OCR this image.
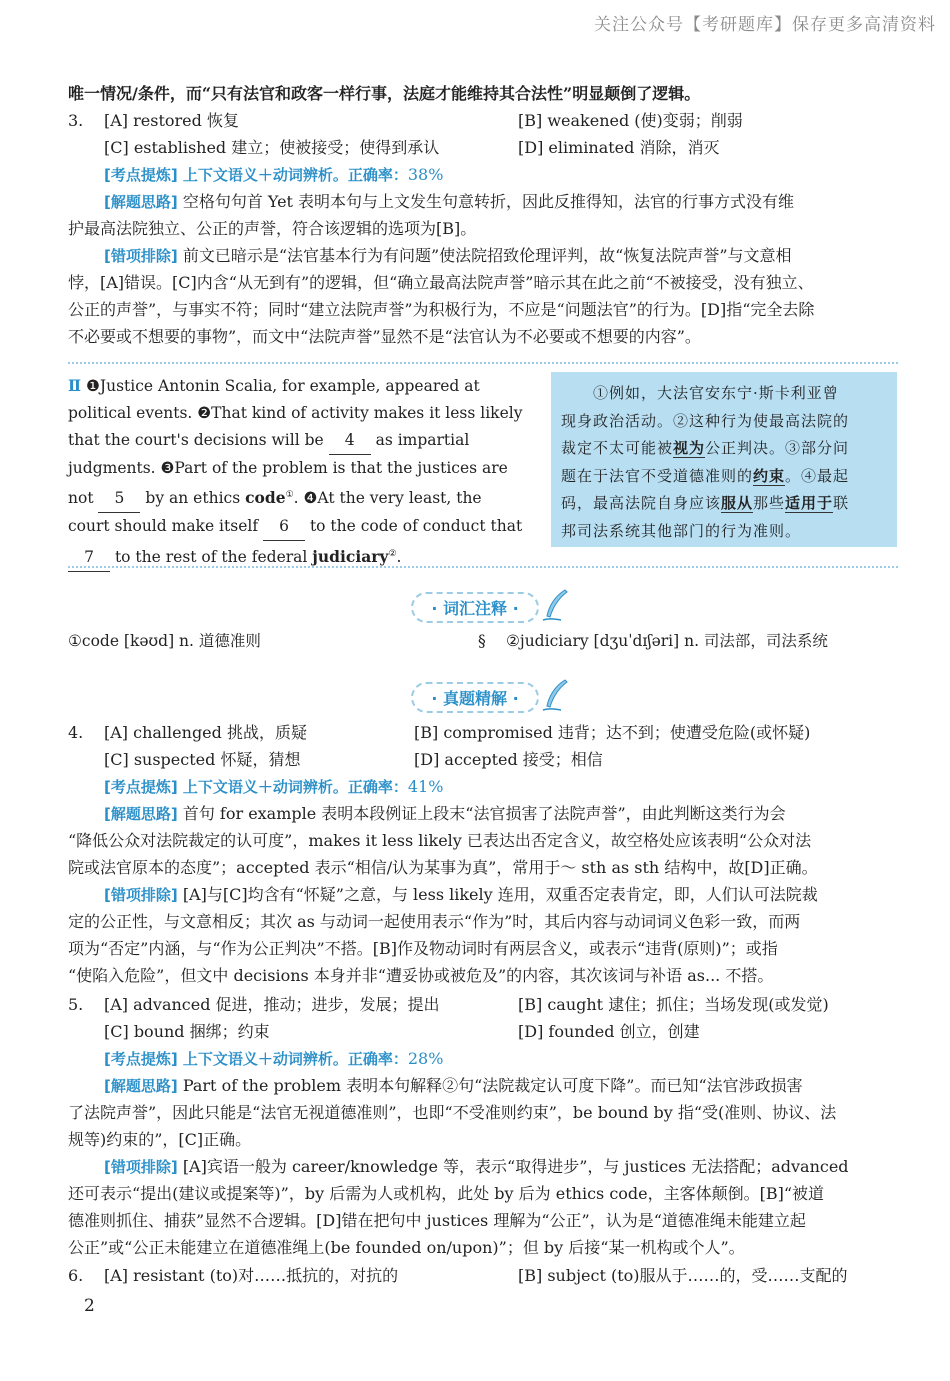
关注公众号【考研题库】保存更多高清资料
唯一情况/条件，而“只有法官和政客一样行事，法庭才能维持其合法性”明显颠倒了逻辑。
3. [A] restored 恢复	[B] weakened (使)变弱；削弱
[C] established 建立；使被接受；使得到承认	[D] eliminated 消除，消灭
[考点提炼] 上下文语义＋动词辨析。正确率：38%
[解题思路] 空格句句首 Yet 表明本句与上文发生句意转折，因此反推得知，法官的行事方式没有维
护最高法院独立、公正的声誉，符合该逻辑的选项为[B]。
[错项排除] 前文已暗示是“法官基本行为有问题”使法院招致伦理评判，故“恢复法院声誉”与文意相
悖，[A]错误。[C]内含“从无到有”的逻辑，但“确立最高法院声誉”暗示其在此之前“不被接受，没有独立、
公正的声誉”，与事实不符；同时“建立法院声誉”为积极行为，不应是“问题法官”的行为。[D]指“完全去除
不必要或不想要的事物”，而文中“法院声誉”显然不是“法官认为不必要或不想要的内容”。
Ⅱ ❶Justice Antonin Scalia, for example, appeared at
political events. ❷That kind of activity makes it less likely
that the court's decisions will be 4 as impartial
judgments. ❸Part of the problem is that the justices are
not 5 by an ethics code①. ❹At the very least, the
court should make itself 6 to the code of conduct that
7 to the rest of the federal judiciary②.
①例如，大法官安东宁·斯卡利亚曾
现身政治活动。②这种行为使最高法院的
裁定不太可能被视为公正判决。③部分问
题在于法官不受道德准则的约束。④最起
码，最高法院自身应该服从那些适用于联
邦司法系统其他部门的行为准则。
· 词汇注释 ·
①code [kəʊd] n. 道德准则	§ ②judiciary [dʒuˈdɪʃəri] n. 司法部，司法系统
· 真题精解 ·
4. [A] challenged 挑战，质疑	[B] compromised 违背；达不到；使遭受危险(或怀疑)
[C] suspected 怀疑，猜想	[D] accepted 接受；相信
[考点提炼] 上下文语义＋动词辨析。正确率：41%
[解题思路] 首句 for example 表明本段例证上段末“法官损害了法院声誉”，由此判断这类行为会
“降低公众对法院裁定的认可度”，makes it less likely 已表达出否定含义，故空格处应该表明“公众对法
院或法官原本的态度”；accepted 表示“相信/认为某事为真”，常用于～ sth as sth 结构中，故[D]正确。
[错项排除] [A]与[C]均含有“怀疑”之意，与 less likely 连用，双重否定表肯定，即，人们认可法院裁
定的公正性，与文意相反；其次 as 与动词一起使用表示“作为”时，其后内容与动词词义色彩一致，而两
项为“否定”内涵，与“作为公正判决”不搭。[B]作及物动词时有两层含义，或表示“违背(原则)”；或指
“使陷入危险”，但文中 decisions 本身并非“遭妥协或被危及”的内容，其次该词与补语 as... 不搭。
5. [A] advanced 促进，推动；进步，发展；提出	[B] caught 逮住；抓住；当场发现(或发觉)
[C] bound 捆绑；约束	[D] founded 创立，创建
[考点提炼] 上下文语义＋动词辨析。正确率：28%
[解题思路] Part of the problem 表明本句解释②句“法院裁定认可度下降”。而已知“法官涉政损害
了法院声誉”，因此只能是“法官无视道德准则”，也即“不受准则约束”，be bound by 指“受(准则、协议、法
规等)约束的”，[C]正确。
[错项排除] [A]宾语一般为 career/knowledge 等，表示“取得进步”，与 justices 无法搭配；advanced
还可表示“提出(建议或提案等)”，by 后需为人或机构，此处 by 后为 ethics code，主客体颠倒。[B]“被道
德准则抓住、捕获”显然不合逻辑。[D]错在把句中 justices 理解为“公正”，认为是“道德准绳未能建立起
公正”或“公正未能建立在道德准绳上(be founded on/upon)”；但 by 后接“某一机构或个人”。
6. [A] resistant (to)对……抵抗的，对抗的	[B] subject (to)服从于……的，受……支配的
2
